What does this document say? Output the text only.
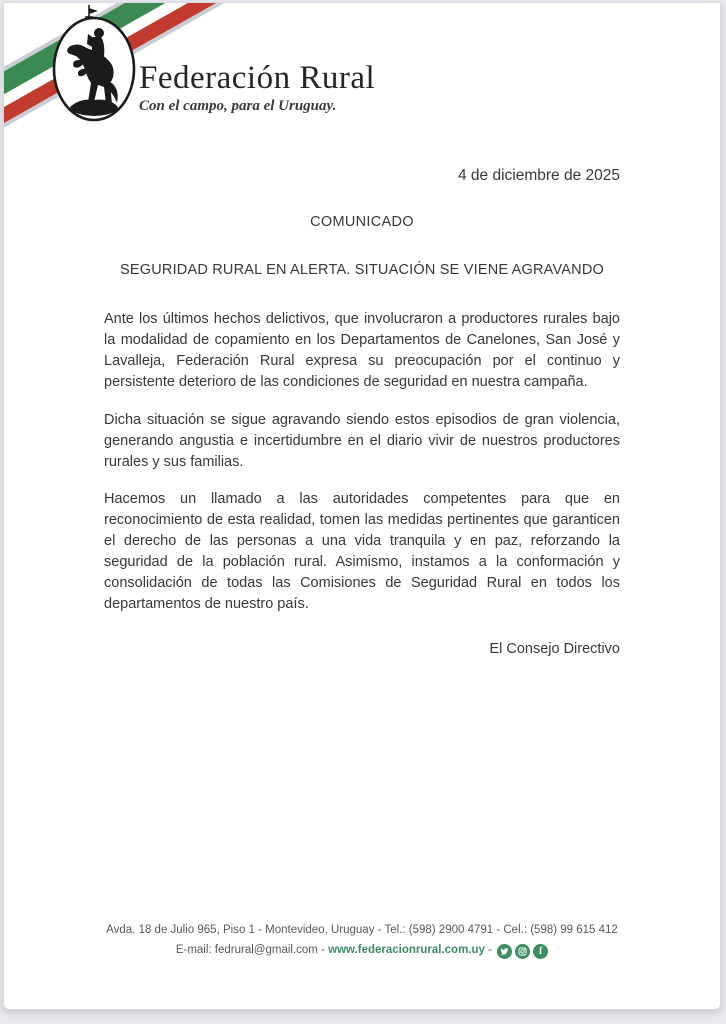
Federación Rural
Con el campo, para el Uruguay.
4 de diciembre de 2025
COMUNICADO
SEGURIDAD RURAL EN ALERTA. SITUACIÓN SE VIENE AGRAVANDO

Ante los últimos hechos delictivos, que involucraron a productores rurales bajo la modalidad de copamiento en los Departamentos de Canelones, San José y Lavalleja, Federación Rural expresa su preocupación por el continuo y persistente deterioro de las condiciones de seguridad en nuestra campaña.

Dicha situación se sigue agravando siendo estos episodios de gran violencia, generando angustia e incertidumbre en el diario vivir de nuestros productores rurales y sus familias.

Hacemos un llamado a las autoridades competentes para que en reconocimiento de esta realidad, tomen las medidas pertinentes que garanticen el derecho de las personas a una vida tranquila y en paz, reforzando la seguridad de la población rural. Asimismo, instamos a la conformación y consolidación de todas las Comisiones de Seguridad Rural en todos los departamentos de nuestro país.

El Consejo Directivo
Avda. 18 de Julio 965, Piso 1 - Montevideo, Uruguay - Tel.: (598) 2900 4791 - Cel.: (598) 99 615 412
E-mail: fedrural@gmail.com - www.federacionrural.com.uy -	f
